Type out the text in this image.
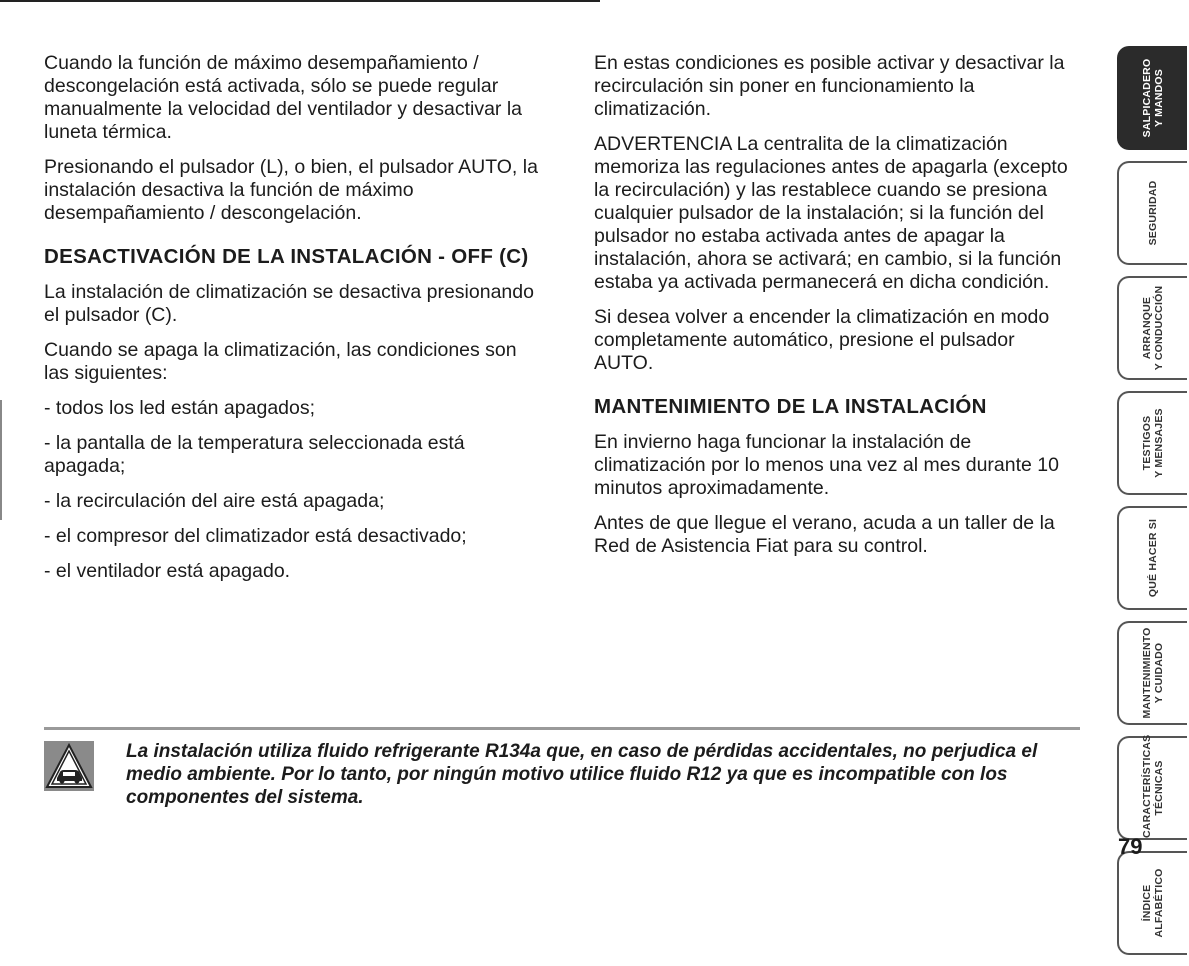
Cuando la función de máximo desempañamiento / descongelación está activada, sólo se puede regular manualmente la velocidad del ventilador y desactivar la luneta térmica.

Presionando el pulsador (L), o bien, el pulsador AUTO, la instalación desactiva la función de máximo desempañamiento / descongelación.

DESACTIVACIÓN DE LA INSTALACIÓN - OFF (C)

La instalación de climatización se desactiva presionando el pulsador (C).

Cuando se apaga la climatización, las condiciones son las siguientes:

- todos los led están apagados;

- la pantalla de la temperatura seleccionada está apagada;

- la recirculación del aire está apagada;

- el compresor del climatizador está desactivado;

- el ventilador está apagado.

En estas condiciones es posible activar y desactivar la recirculación sin poner en funcionamiento la climatización.

ADVERTENCIA La centralita de la climatización memoriza las regulaciones antes de apagarla (excepto la recirculación) y las restablece cuando se presiona cualquier pulsador de la instalación; si la función del pulsador no estaba activada antes de apagar la instalación, ahora se activará; en cambio, si la función estaba ya activada permanecerá en dicha condición.

Si desea volver a encender la climatización en modo completamente automático, presione el pulsador AUTO.

MANTENIMIENTO DE LA INSTALACIÓN

En invierno haga funcionar la instalación de climatización por lo menos una vez al mes durante 10 minutos aproximadamente.

Antes de que llegue el verano, acuda a un taller de la Red de Asistencia Fiat para su control.

La instalación utiliza fluido refrigerante R134a que, en caso de pérdidas accidentales, no perjudica el medio ambiente. Por lo tanto, por ningún motivo utilice fluido R12 ya que es incompatible con los componentes del sistema.
SALPICADERO Y MANDOS
SEGURIDAD
ARRANQUE Y CONDUCCIÓN
TESTIGOS Y MENSAJES
QUÉ HACER SI
MANTENIMIENTO Y CUIDADO
CARACTERÍSTICAS TÉCNICAS
ÍNDICE ALFABÉTICO
79
